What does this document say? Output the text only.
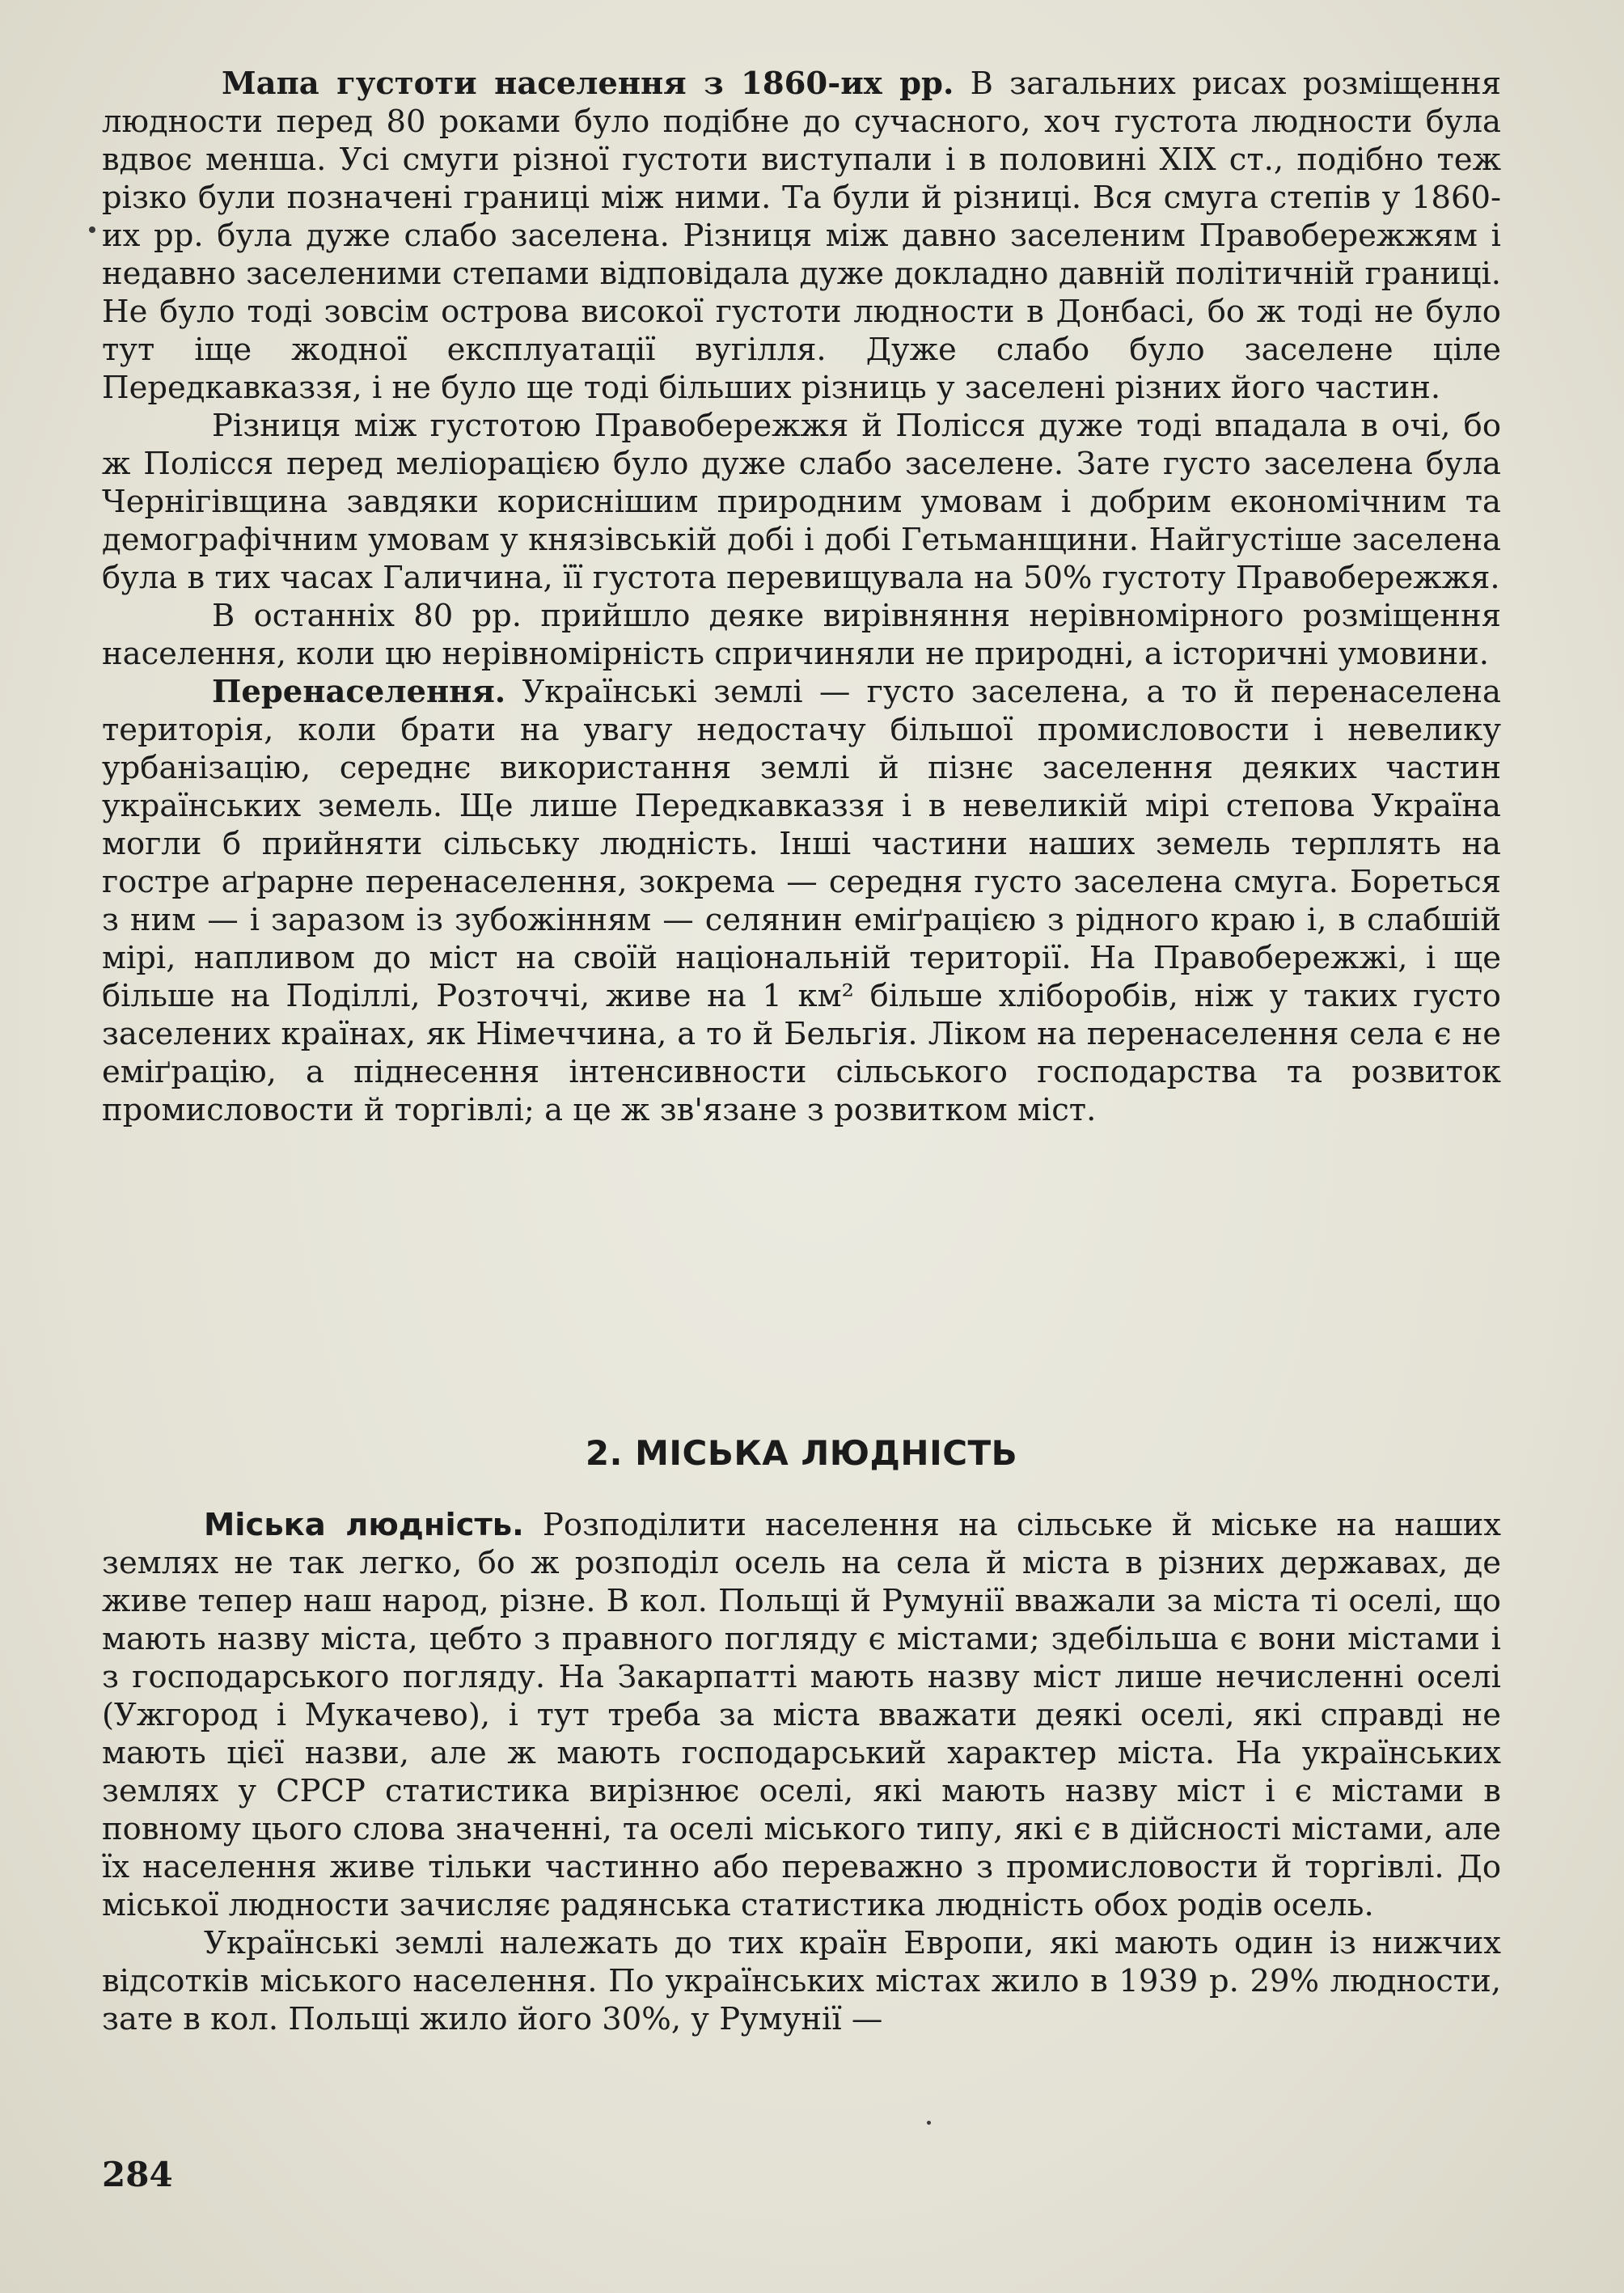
Мапа густоти населення з 1860-их рр. В загальних рисах розміщення людности перед 80 роками було подібне до сучасного, хоч густота людности була вдвоє менша. Усі смуги різної густоти виступали і в половині XIX ст., подібно теж різко були позначені границі між ними. Та були й різниці. Вся смуга степів у 1860-их рр. була дуже слабо заселена. Різниця між давно заселеним Правобережжям і недавно заселеними степами відповідала дуже докладно давній політичній границі. Не було тоді зовсім острова високої густоти людности в Донбасі, бо ж тоді не було тут іще жодної експлуатації вугілля. Дуже слабо було заселене ціле Передкавказзя, і не було ще тоді більших різниць у заселені різних його частин.

Різниця між густотою Правобережжя й Полісся дуже тоді впадала в очі, бо ж Полісся перед меліорацією було дуже слабо заселене. Зате густо заселена була Чернігівщина завдяки кориснішим природним умовам і добрим економічним та демографічним умовам у князівській добі і добі Гетьманщини. Найгустіше заселена була в тих часах Галичина, її густота перевищувала на 50% густоту Правобережжя.

В останніх 80 рр. прийшло деяке вирівняння нерівномірного розміщення населення, коли цю нерівномірність спричиняли не природні, а історичні умовини.

Перенаселення. Українські землі — густо заселена, а то й перенаселена територія, коли брати на увагу недостачу більшої промисловости і невелику урбанізацію, середнє використання землі й пізнє заселення деяких частин українських земель. Ще лише Передкавказзя і в невеликій мірі степова Україна могли б прийняти сільську людність. Інші частини наших земель терплять на гостре аґрарне перенаселення, зокрема — середня густо заселена смуга. Бореться з ним — і заразом із зубожінням — селянин еміґрацією з рідного краю і, в слабшій мірі, напливом до міст на своїй національній території. На Правобережжі, і ще більше на Поділлі, Розточчі, живе на 1 км² більше хліборобів, ніж у таких густо заселених країнах, як Німеччина, а то й Бельгія. Ліком на перенаселення села є не еміґрацію, а піднесення інтенсивности сільського господарства та розвиток промисловости й торгівлі; а це ж зв'язане з розвитком міст.

2. МІСЬКА ЛЮДНІСТЬ

Міська людність. Розподілити населення на сільське й міське на наших землях не так легко, бо ж розподіл осель на села й міста в різних державах, де живе тепер наш народ, різне. В кол. Польщі й Румунії вважали за міста ті оселі, що мають назву міста, цебто з правного погляду є містами; здебільша є вони містами і з господарського погляду. На Закарпатті мають назву міст лише нечисленні оселі (Ужгород і Мукачево), і тут треба за міста вважати деякі оселі, які справді не мають цієї назви, але ж мають господарський характер міста. На українських землях у СРСР статистика вирізнює оселі, які мають назву міст і є містами в повному цього слова значенні, та оселі міського типу, які є в дійсності містами, але їх населення живе тільки частинно або переважно з промисловости й торгівлі. До міської людности зачисляє радянська статистика людність обох родів осель.

Українські землі належать до тих країн Европи, які мають один із нижчих відсотків міського населення. По українських містах жило в 1939 р. 29% людности, зате в кол. Польщі жило його 30%, у Румунії —

284
